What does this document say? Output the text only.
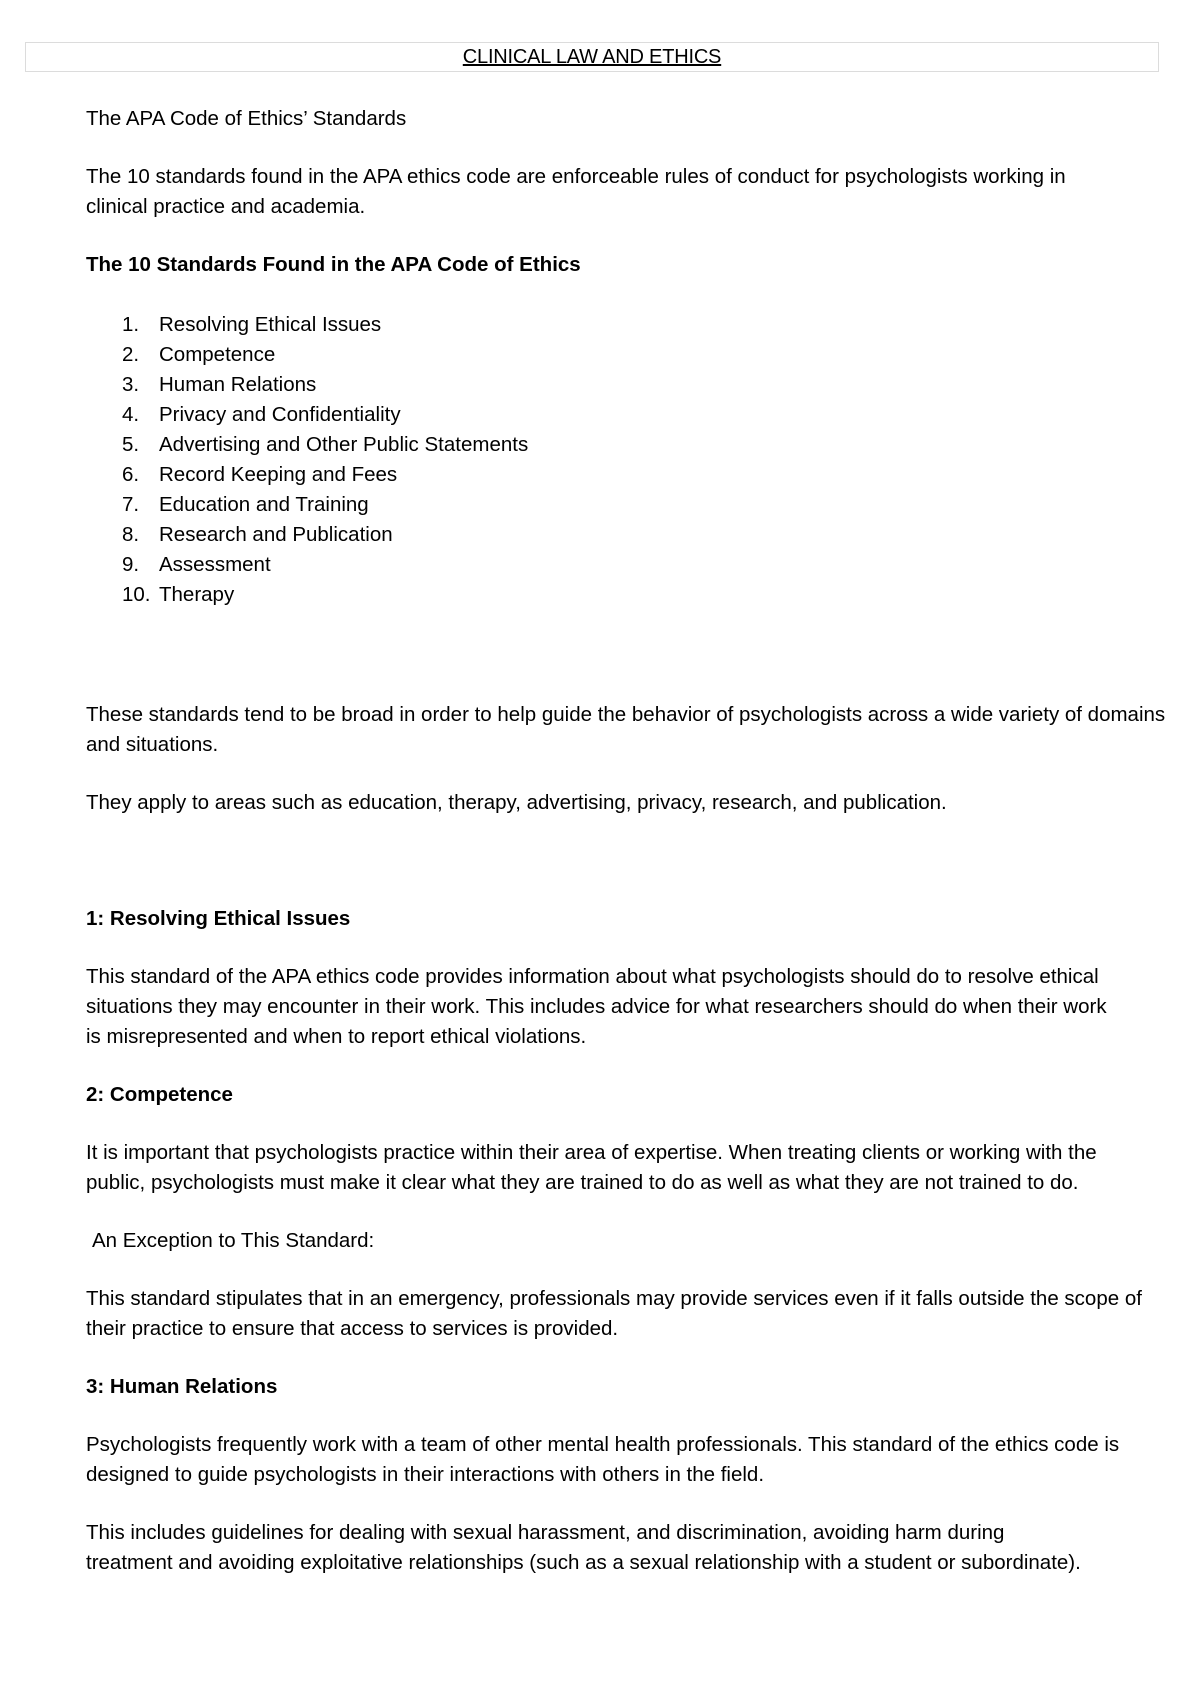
CLINICAL LAW AND ETHICS

The APA Code of Ethics’ Standards

The 10 standards found in the APA ethics code are enforceable rules of conduct for psychologists working in clinical practice and academia.

The 10 Standards Found in the APA Code of Ethics

1. Resolving Ethical Issues
2. Competence
3. Human Relations
4. Privacy and Confidentiality
5. Advertising and Other Public Statements
6. Record Keeping and Fees
7. Education and Training
8. Research and Publication
9. Assessment
10. Therapy

These standards tend to be broad in order to help guide the behavior of psychologists across a wide variety of domains and situations.

They apply to areas such as education, therapy, advertising, privacy, research, and publication.

1: Resolving Ethical Issues

This standard of the APA ethics code provides information about what psychologists should do to resolve ethical situations they may encounter in their work. This includes advice for what researchers should do when their work is misrepresented and when to report ethical violations.

2: Competence

It is important that psychologists practice within their area of expertise. When treating clients or working with the public, psychologists must make it clear what they are trained to do as well as what they are not trained to do.

An Exception to This Standard:

This standard stipulates that in an emergency, professionals may provide services even if it falls outside the scope of their practice to ensure that access to services is provided.

3: Human Relations

Psychologists frequently work with a team of other mental health professionals. This standard of the ethics code is designed to guide psychologists in their interactions with others in the field.

This includes guidelines for dealing with sexual harassment, and discrimination, avoiding harm during treatment and avoiding exploitative relationships (such as a sexual relationship with a student or subordinate).
